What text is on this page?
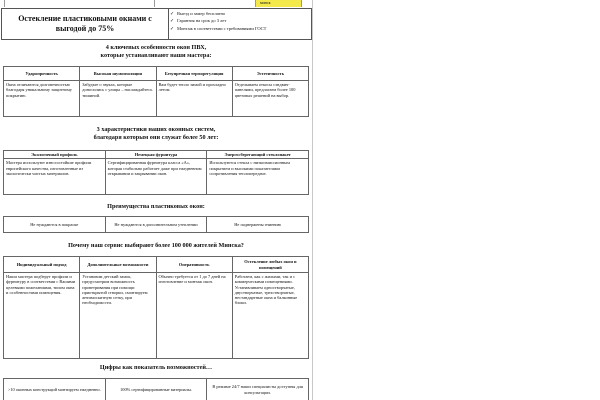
минск
Остекление пластиковыми окнами с выгодой до 75%
✓ Выезд и замер бесплатно
✓ Гарантия на срок до 3 лет
✓ Монтаж в соответствии с требованиями ГОСТ
4 ключевых особенности окон ПВХ,
которые устанавливают наши мастера:
Ударопрочность	Высокая шумоизоляция	Безупречная терморегуляция	Эстетичность
Окна отличаются долговечностью благодаря уникальному защитному покрытию.	Забудьте о звуках, которые доносились с улицы – наслаждайтесь тишиной.	Вам будет тепло зимой и прохладно летом.	Отделываем откосы сэндвич-панелями, предлагаем более 100 цветовых решений на выбор.
3 характеристики наших оконных систем,
благодаря которым они служат более 50 лет:
Экологичный профиль	Немецкая фурнитура	Энергосберегающий стеклопакет
Мастера используют износостойкие профили европейского качества, изготовленные из экологически чистых материалов.	Сертифицированная фурнитура класса «А», которая стабильно работает даже при ежедневном открывании и закрывании окон.	Используются стекла с низкоэмиссионным покрытием и высокими показателями сопротивления теплопередаче.
Преимущества пластиковых окон:
Не нуждаются в покраске	Не нуждаются в дополнительном утеплении	Не подвержены гниению
Почему наш сервис выбирают более 100 000 жителей Минска?
Индивидуальный подход	Дополнительные возможности	Оперативность	Остекление любых окон и помещений
Наши мастера подберут профили и фурнитуру в соответствии с Вашими целевыми пожеланиями, типом окна и особенностями помещения.	Установим детский замок, предусмотрим возможность проветривания при помощи приоткрытой створки, смонтируем антимоскитную сетку, при необходимости.	Обычно требуется от 1 до 7 дней на изготовление и монтаж окон.	Работаем, как с жилыми, так и с коммерческими помещениями. Устанавливаем одностворчатые, двустворчатые, трехстворчатые, нестандартные окна и балконные блоки.
Цифры как показатель возможностей…
>10 оконных конструкций монтируем ежедневно.	100% сертифицированные материалы.	В режиме 24/7 наши специалисты доступны для консультации.
